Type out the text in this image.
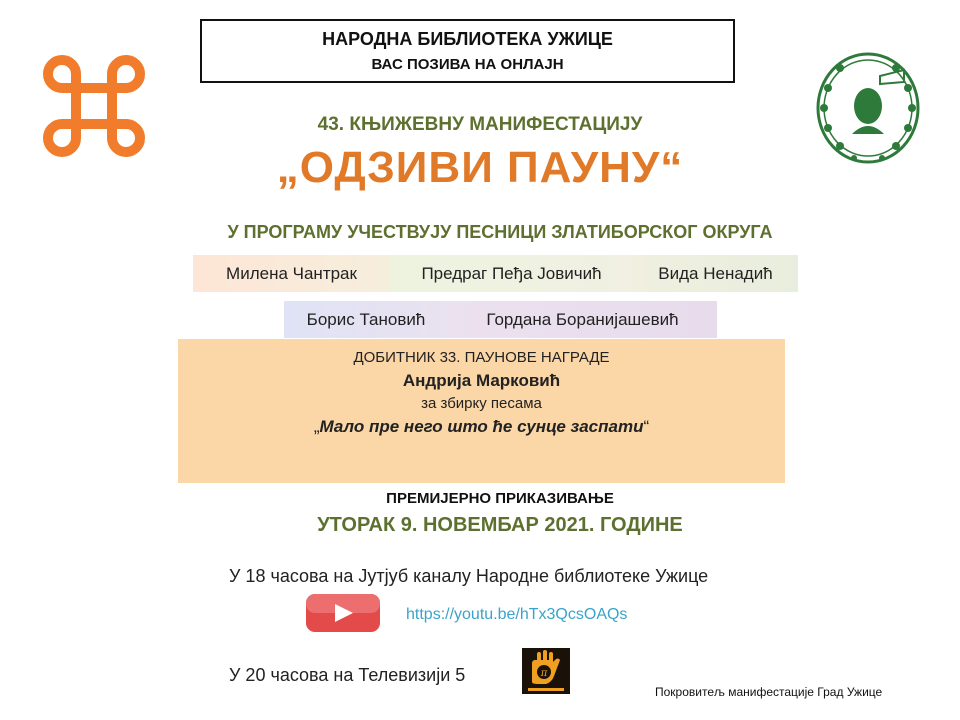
НАРОДНА БИБЛИОТЕКА УЖИЦЕ
ВАС ПОЗИВА НА ОНЛАЈН
43. КЊИЖЕВНУ МАНИФЕСТАЦИЈУ
„ОДЗИВИ ПАУНУ“
У ПРОГРАМУ УЧЕСТВУЈУ ПЕСНИЦИ ЗЛАТИБОРСКОГ ОКРУГА
Милена Чантрак	Предраг Пеђа Јовичић	Вида Ненадић
Борис Тановић	Гордана Боранијашевић
ДОБИТНИК 33. ПАУНОВЕ НАГРАДЕ
Андрија Марковић
за збирку песама
„Мало пре него што ће сунце заспати“
ПРЕМИЈЕРНО ПРИКАЗИВАЊЕ
УТОРАК 9. НОВЕМБАР 2021. ГОДИНЕ
У 18 часова на Јутјуб каналу Народне библиотеке Ужице
https://youtu.be/hTx3QcsOAQs
У 20 часова на Телевизији 5	π
Покровитељ манифестације Град Ужице
